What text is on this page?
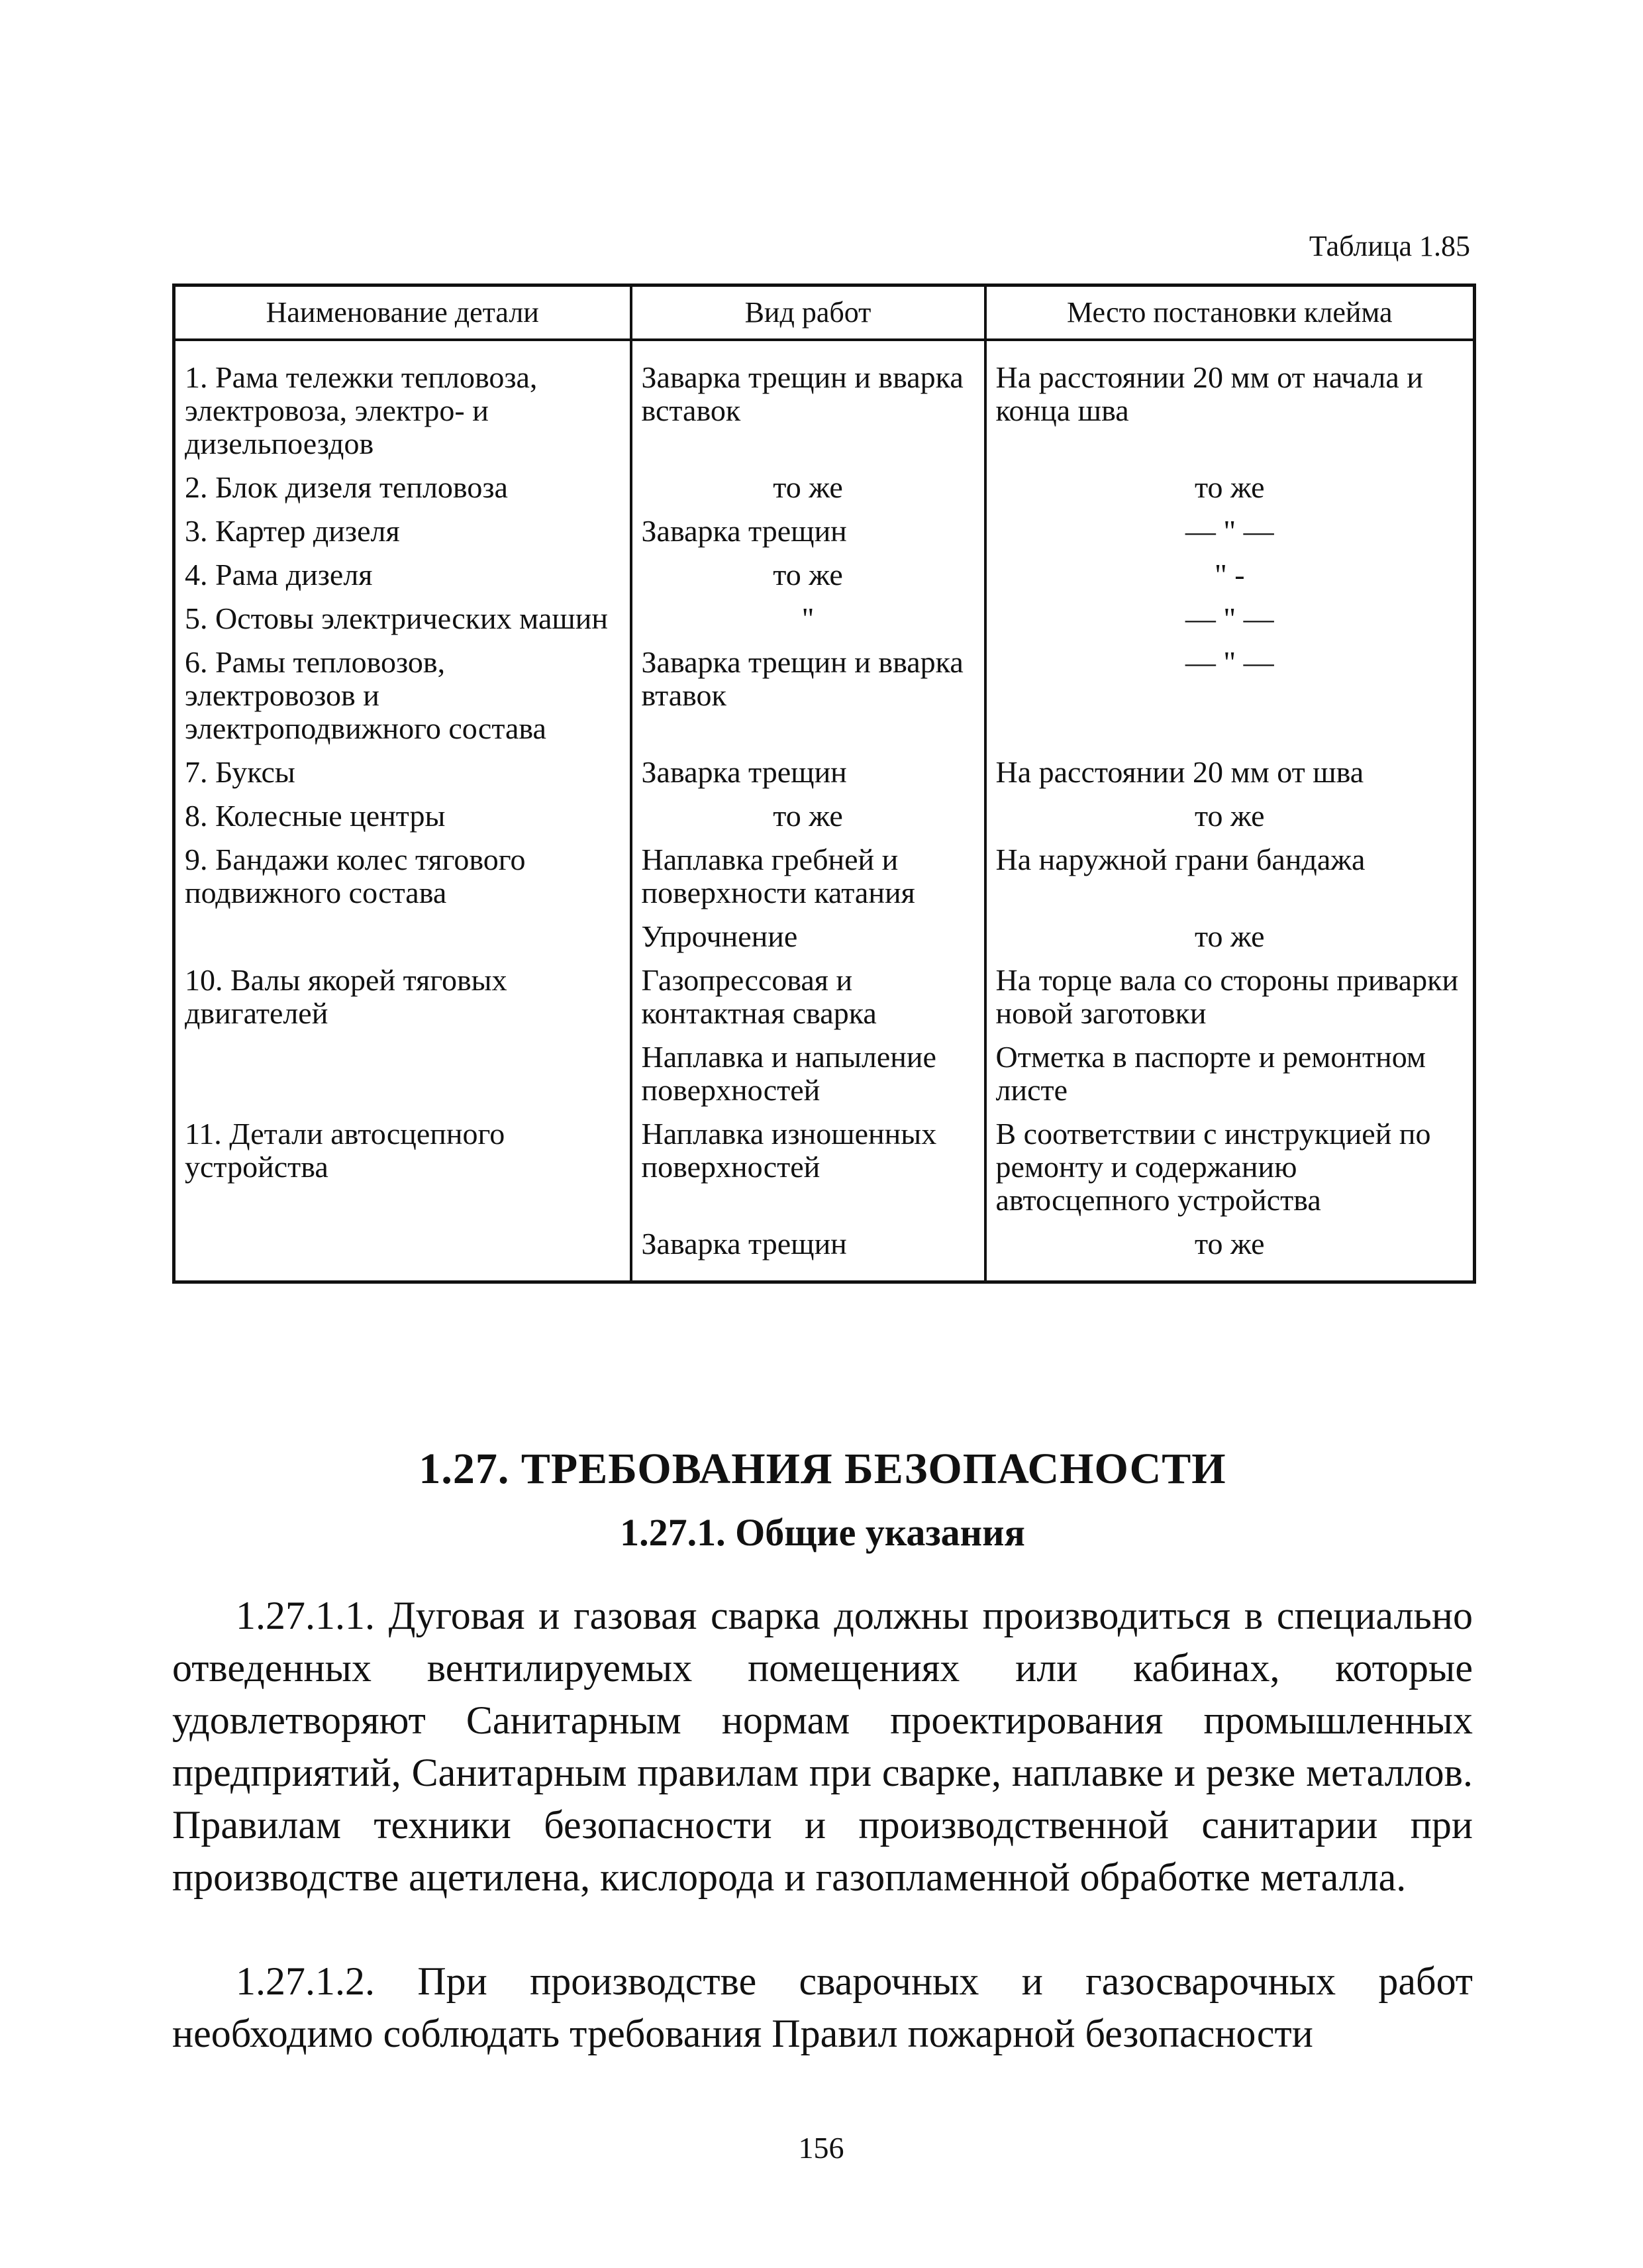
Таблица 1.85
Наименование детали	Вид работ	Место постановки клейма
1. Рама тележки тепловоза, электровоза, электро- и дизельпоездов	Заварка трещин и вварка вставок	На расстоянии 20 мм от начала и конца шва
2. Блок дизеля тепловоза	то же	то же
3. Картер дизеля	Заварка трещин	— " —
4. Рама дизеля	то же	" -
5. Остовы электрических машин	"	— " —
6. Рамы тепловозов, электровозов и электроподвижного состава	Заварка трещин и вварка втавок	— " —
7. Буксы	Заварка трещин	На расстоянии 20 мм от шва
8. Колесные центры	то же	то же
9. Бандажи колес тягового подвижного состава	Наплавка гребней и поверхности катания	На наружной грани бандажа
	Упрочнение	то же
10. Валы якорей тяговых двигателей	Газопрессовая и контактная сварка	На торце вала со стороны приварки новой заготовки
	Наплавка и напыление поверхностей	Отметка в паспорте и ремонтном листе
11. Детали автосцепного устройства	Наплавка изношенных поверхностей	В соответствии с инструкцией по ремонту и содержанию автосцепного устройства
	Заварка трещин	то же
1.27. ТРЕБОВАНИЯ БЕЗОПАСНОСТИ
1.27.1. Общие указания

1.27.1.1. Дуговая и газовая сварка должны производиться в специально отведенных вентилируемых помещениях или кабинах, которые удовлетворяют Санитарным нормам проектирования промышленных предприятий, Санитарным правилам при сварке, наплавке и резке металлов. Правилам техники безопасности и производственной санитарии при производстве ацетилена, кислорода и газопламенной обработке металла.

1.27.1.2. При производстве сварочных и газосварочных работ необходимо соблюдать требования Правил пожарной безопасности

156
